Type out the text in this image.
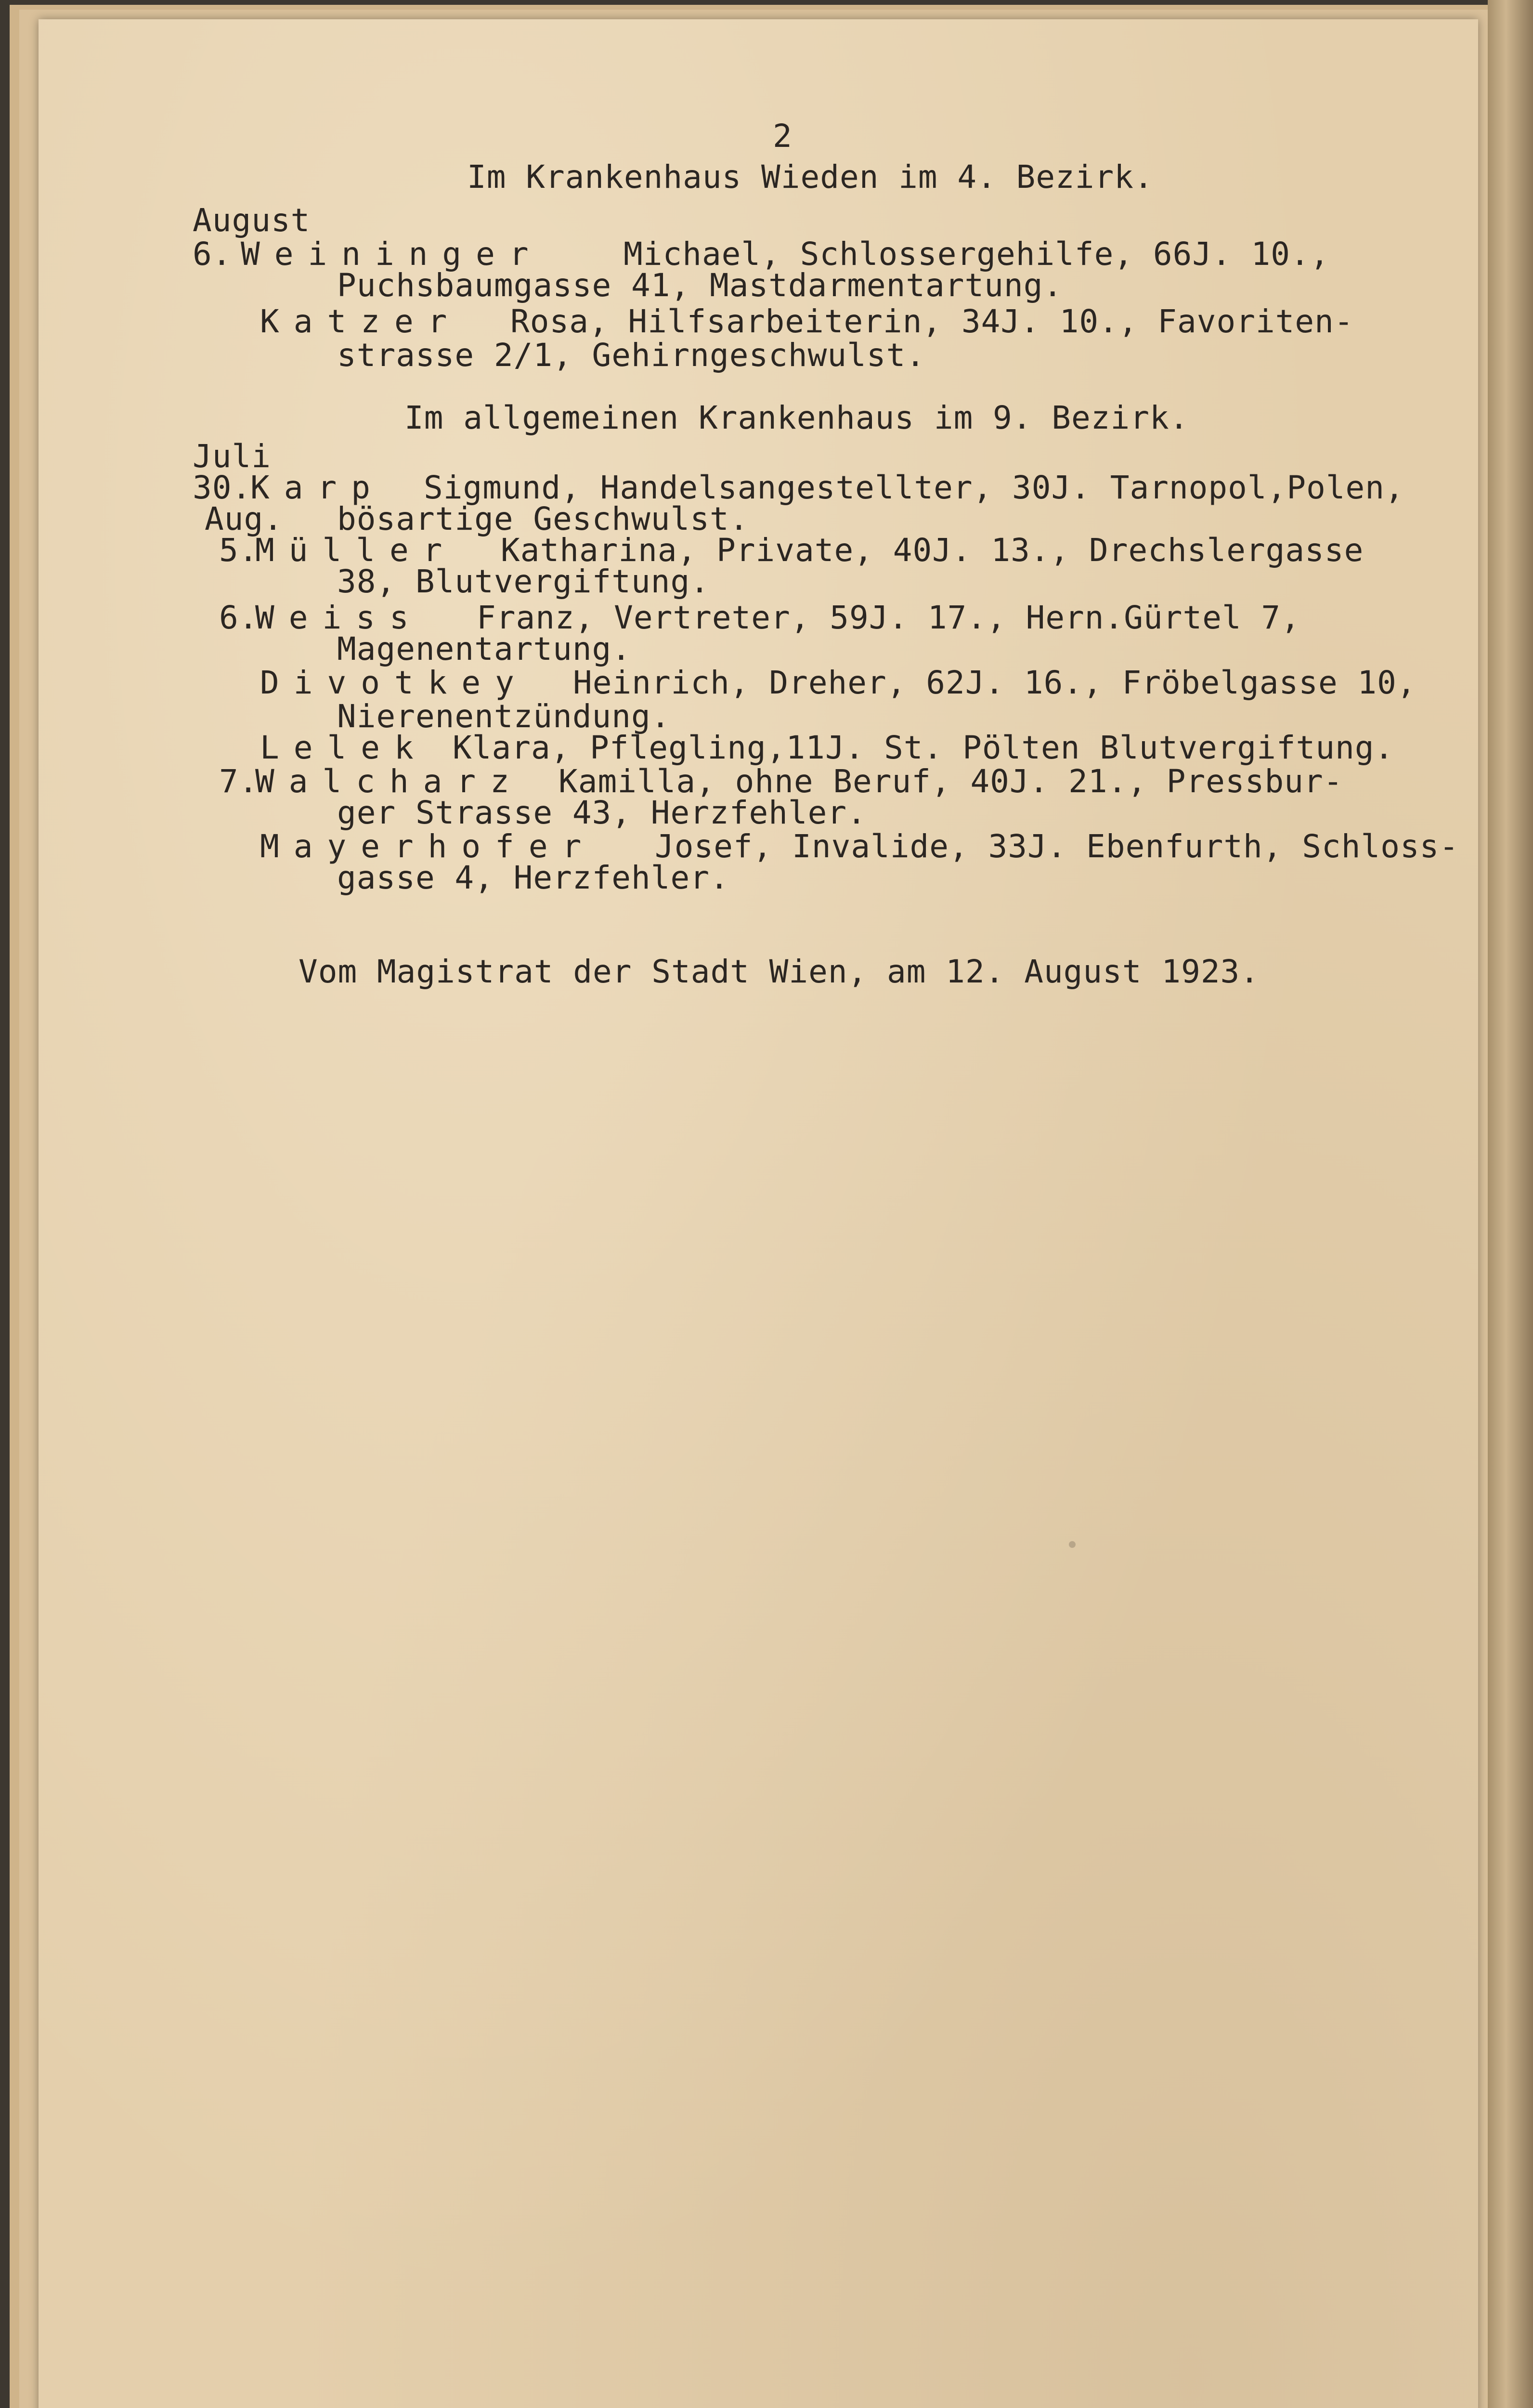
2

Im Krankenhaus Wieden im 4. Bezirk.

August

6. Weininger	Michael, Schlossergehilfe, 66J. 10.,

Puchsbaumgasse 41, Mastdarmentartung.

Katzer Rosa, Hilfsarbeiterin, 34J. 10., Favoriten-

strasse 2/1, Gehirngeschwulst.

Im allgemeinen Krankenhaus im 9. Bezirk.

Juli

30.

Karp Sigmund, Handelsangestellter, 30J. Tarnopol,Polen,

Aug. bösartige Geschwulst.

5.

Müller Katharina, Private, 40J. 13., Drechslergasse

38, Blutvergiftung.

6.

Weiss Franz, Vertreter, 59J. 17., Hern.Gürtel 7,

Magenentartung.

Divotkey Heinrich, Dreher, 62J. 16., Fröbelgasse 10,

Nierenentzündung.

Lelek Klara, Pflegling,11J. St. Pölten Blutvergiftung.

7.

Walcharz Kamilla, ohne Beruf, 40J. 21., Pressbur-

ger Strasse 43, Herzfehler.

Mayerhofer Josef, Invalide, 33J. Ebenfurth, Schloss-

gasse 4, Herzfehler.

Vom Magistrat der Stadt Wien, am 12. August 1923.
